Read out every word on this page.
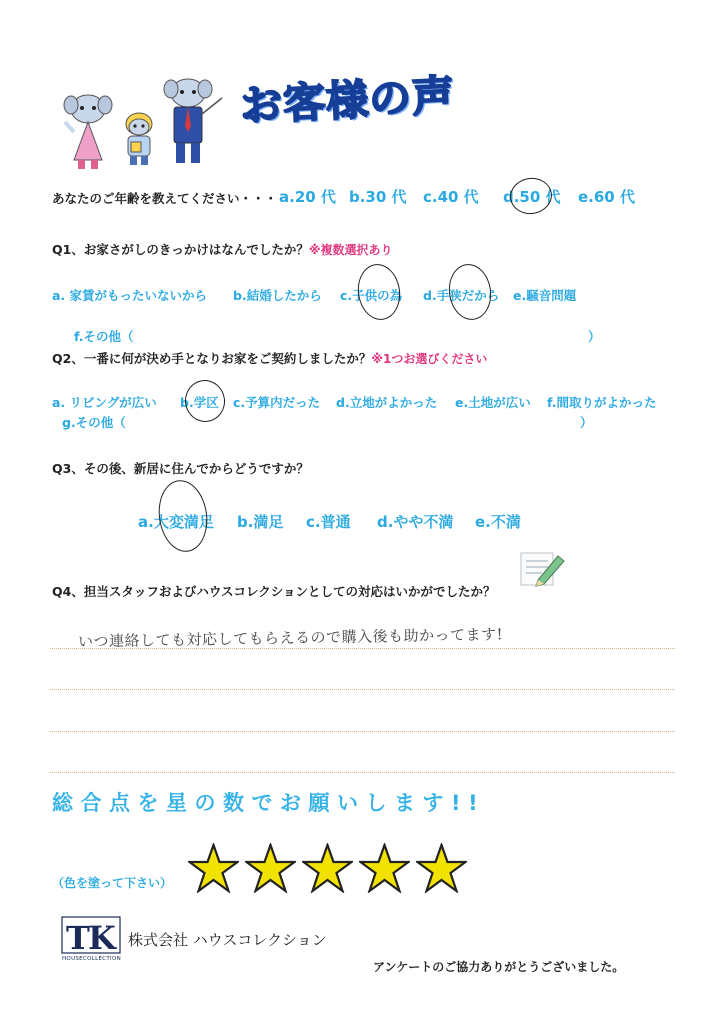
お客様の声
あなたのご年齢を教えてください・・・ a.20 代 b.30 代 c.40 代 d.50 代 e.60 代
Q1、お家さがしのきっかけはなんでしたか？※複数選択あり
a. 家賃がもったいないから b.結婚したから c.子供の為 d.手狭だから e.騒音問題
f.その他（	）
Q2、一番に何が決め手となりお家をご契約しましたか？※1つお選びください
a. リビングが広い b.学区 c.予算内だった d.立地がよかった e.土地が広い f.間取りがよかった
g.その他（	）
Q3、その後、新居に住んでからどうですか？
a.大変満足 b.満足 c.普通 d.やや不満 e.不満
Q4、担当スタッフおよびハウスコレクションとしての対応はいかがでしたか？
いつ連絡しても対応してもらえるので購入後も助かってます!
総合点を星の数でお願いします!!
（色を塗って下さい）
T
K
HOUSECOLLECTION
株式会社 ハウスコレクション
アンケートのご協力ありがとうございました。
